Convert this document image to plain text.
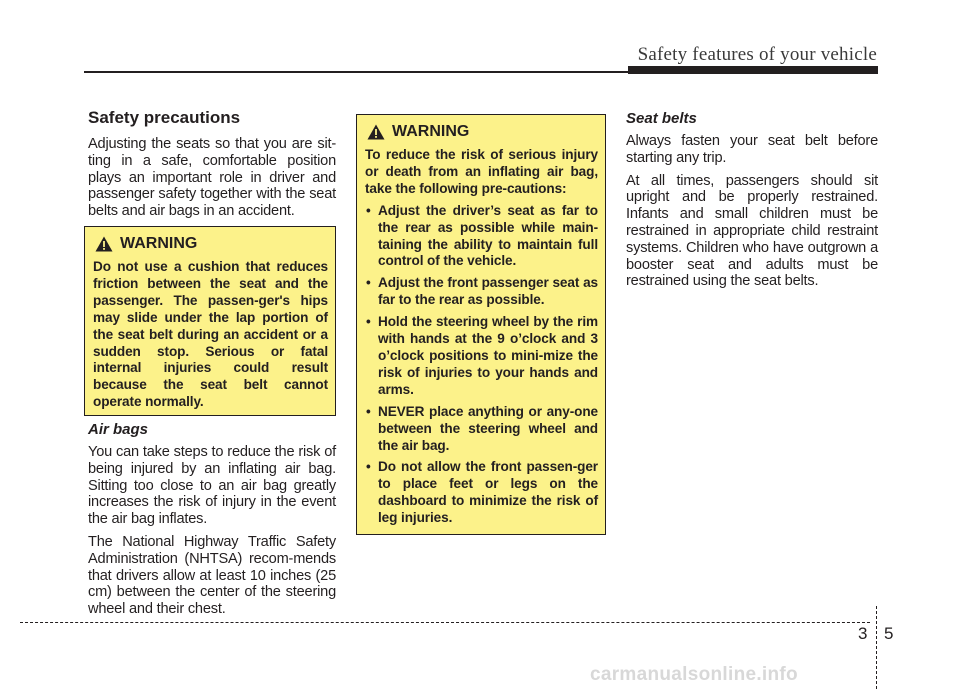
Safety features of your vehicle
Safety precautions

Adjusting the seats so that you are sit-ting in a safe, comfortable position plays an important role in driver and passenger safety together with the seat belts and air bags in an accident.

WARNING

Do not use a cushion that reduces friction between the seat and the passenger. The passen-ger's hips may slide under the lap portion of the seat belt during an accident or a sudden stop. Serious or fatal internal injuries could result because the seat belt cannot operate normally.

Air bags

You can take steps to reduce the risk of being injured by an inflating air bag. Sitting too close to an air bag greatly increases the risk of injury in the event the air bag inflates.

The National Highway Traffic Safety Administration (NHTSA) recom-mends that drivers allow at least 10 inches (25 cm) between the center of the steering wheel and their chest.

WARNING

To reduce the risk of serious injury or death from an inflating air bag, take the following pre-cautions:

• Adjust the driver’s seat as far to the rear as possible while main-taining the ability to maintain full control of the vehicle.
• Adjust the front passenger seat as far to the rear as possible.
• Hold the steering wheel by the rim with hands at the 9 o’clock and 3 o’clock positions to mini-mize the risk of injuries to your hands and arms.
• NEVER place anything or any-one between the steering wheel and the air bag.
• Do not allow the front passen-ger to place feet or legs on the dashboard to minimize the risk of leg injuries.
Seat belts

Always fasten your seat belt before starting any trip.

At all times, passengers should sit upright and be properly restrained. Infants and small children must be restrained in appropriate child restraint systems. Children who have outgrown a booster seat and adults must be restrained using the seat belts.

3 5
carmanualsonline.info
